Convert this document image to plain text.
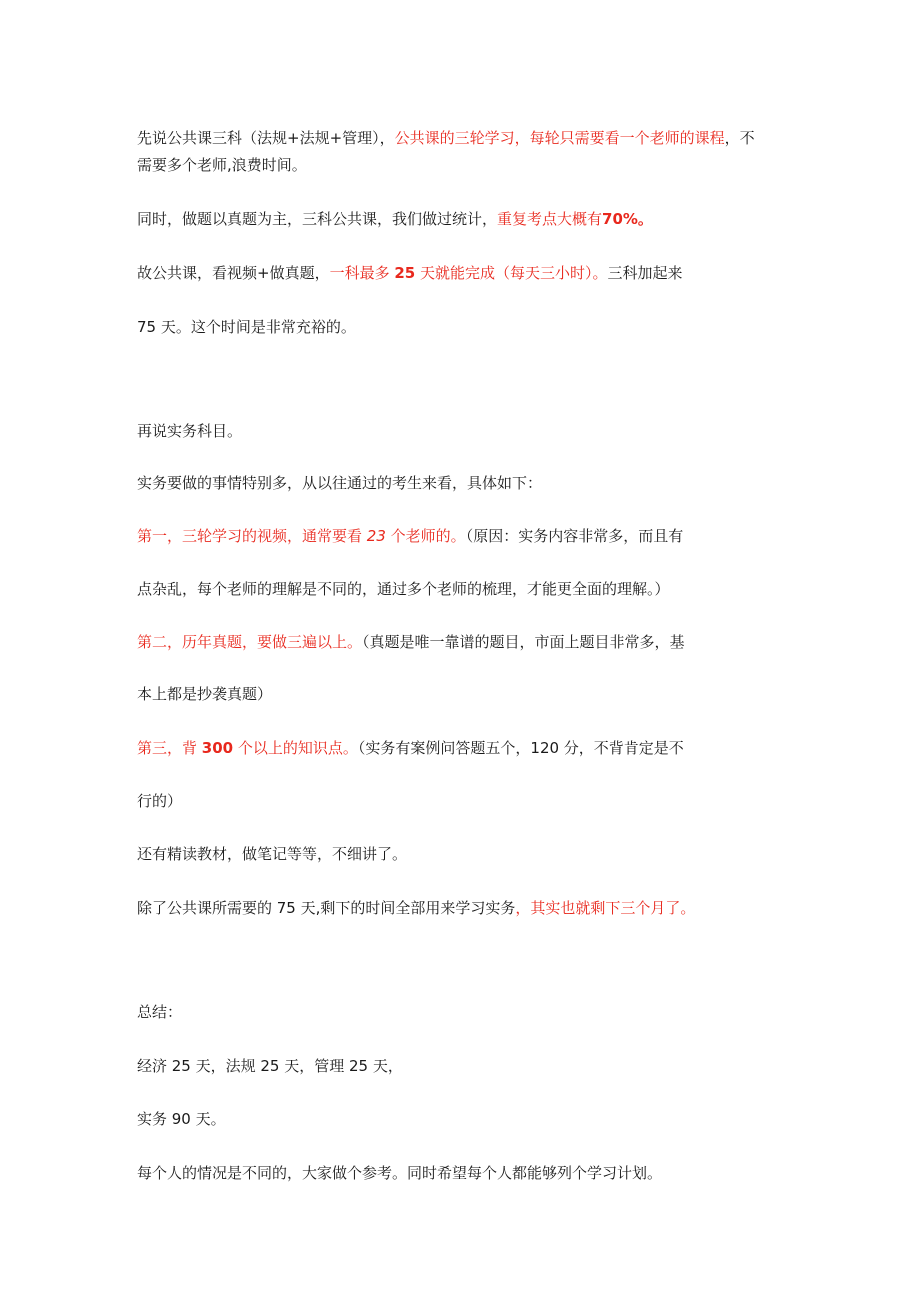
先说公共课三科（法规+法规+管理），公共课的三轮学习，每轮只需要看一个老师的课程，不
需要多个老师,浪费时间。
同时，做题以真题为主，三科公共课，我们做过统计，重复考点大概有70%。
故公共课，看视频+做真题，一科最多 25 天就能完成（每天三小时）。三科加起来
75 天。这个时间是非常充裕的。
再说实务科目。
实务要做的事情特别多，从以往通过的考生来看，具体如下：
第一，三轮学习的视频，通常要看 23 个老师的。（原因：实务内容非常多，而且有
点杂乱，每个老师的理解是不同的，通过多个老师的梳理，才能更全面的理解。）
第二，历年真题，要做三遍以上。（真题是唯一靠谱的题目，市面上题目非常多，基
本上都是抄袭真题）
第三，背 300 个以上的知识点。（实务有案例问答题五个，120 分，不背肯定是不
行的）
还有精读教材，做笔记等等，不细讲了。
除了公共课所需要的 75 天,剩下的时间全部用来学习实务，其实也就剩下三个月了。
总结：
经济 25 天，法规 25 天，管理 25 天，
实务 90 天。
每个人的情况是不同的，大家做个参考。同时希望每个人都能够列个学习计划。
